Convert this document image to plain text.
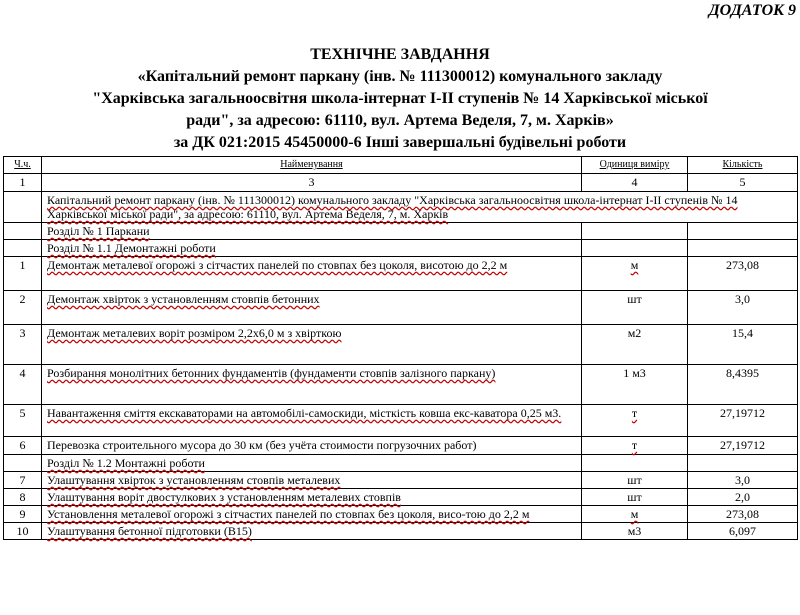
ДОДАТОК 9
ТЕХНІЧНЕ ЗАВДАННЯ
«Капітальний ремонт паркану (інв. № 111300012) комунального закладу
"Харківська загальноосвітня школа-інтернат І-ІІ ступенів № 14 Харківської міської
ради", за адресою: 61110, вул. Артема Веделя, 7, м. Харків»
за ДК 021:2015 45450000-6 Інші завершальні будівельні роботи
Ч.ч.	Найменування	Одиниця виміру	Кількість
1	3	4	5
	Капітальний ремонт паркану (інв. № 111300012) комунального закладу "Харківська загальноосвітня школа-інтернат І-ІІ ступенів № 14 Харківської міської ради", за адресою: 61110, вул. Артема Веделя, 7, м. Харків		
	Розділ № 1 Паркани		
	Розділ № 1.1 Демонтажні роботи		
1	Демонтаж металевої огорожі з сітчастих панелей по стовпах без цоколя, висотою до 2,2 м	м	273,08
2	Демонтаж хвірток з установленням стовпів бетонних	шт	3,0
3	Демонтаж металевих воріт розміром 2,2х6,0 м з хвірткою	м2	15,4
4	Розбирання монолітних бетонних фундаментів (фундаменти стовпів залізного паркану)	1 м3	8,4395
5	Навантаження сміття екскаваторами на автомобілі-самоскиди, місткість ковша екс-каватора 0,25 м3.	т	27,19712
6	Перевозка строительного мусора до 30 км (без учёта стоимости погрузочних работ)	т	27,19712
	Розділ № 1.2 Монтажні роботи		
7	Улаштування хвірток з установленням стовпів металевих	шт	3,0
8	Улаштування воріт двостулкових з установленням металевих стовпів	шт	2,0
9	Установлення металевої огорожі з сітчастих панелей по стовпах без цоколя, висо-тою до 2,2 м	м	273,08
10	Улаштування бетонної підготовки (В15)	м3	6,097
